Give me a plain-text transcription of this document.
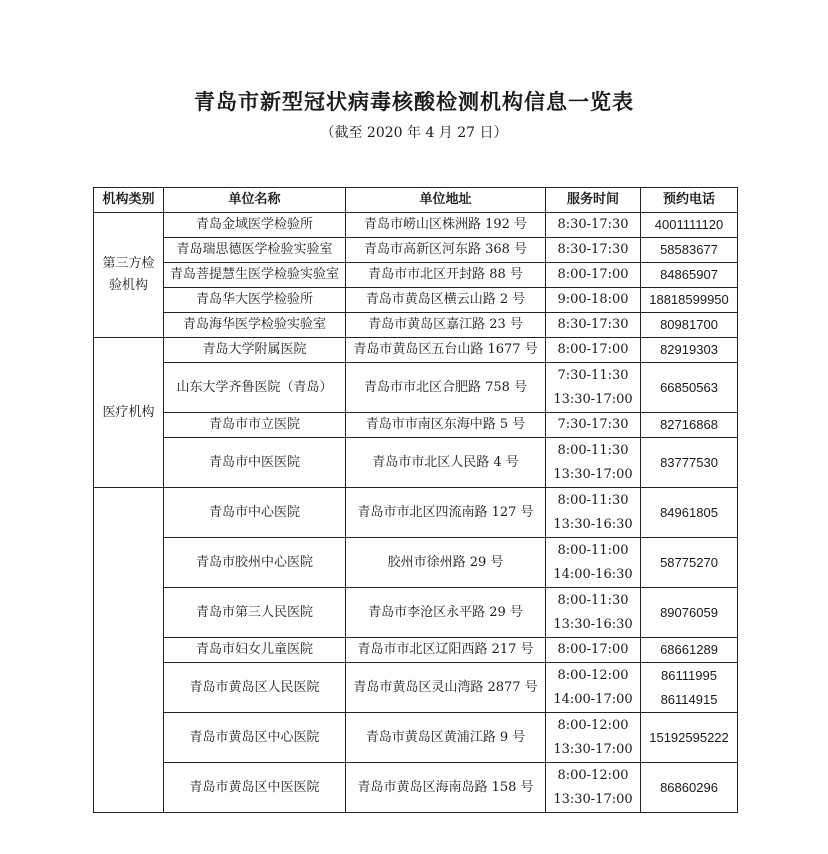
青岛市新型冠状病毒核酸检测机构信息一览表
（截至 2020 年 4 月 27 日）
机构类别	单位名称	单位地址	服务时间	预约电话
第三方检验机构	青岛金域医学检验所	青岛市崂山区株洲路 192 号	8:30-17:30	4001111120

	青岛瑞思德医学检验实验室	青岛市高新区河东路 368 号	8:30-17:30	58583677

	青岛菩提慧生医学检验实验室	青岛市市北区开封路 88 号	8:00-17:00	84865907

	青岛华大医学检验所	青岛市黄岛区横云山路 2 号	9:00-18:00	18818599950

	青岛海华医学检验实验室	青岛市黄岛区嘉江路 23 号	8:30-17:30	80981700

医疗机构	青岛大学附属医院	青岛市黄岛区五台山路 1677 号	8:00-17:00	82919303

	山东大学齐鲁医院（青岛）	青岛市市北区合肥路 758 号	7:30-11:30
13:30-17:00	66850563

	青岛市市立医院	青岛市市南区东海中路 5 号	7:30-17:30	82716868

	青岛市中医医院	青岛市市北区人民路 4 号	8:00-11:30
13:30-17:00	83777530

	青岛市中心医院	青岛市市北区四流南路 127 号	8:00-11:30
13:30-16:30	84961805

	青岛市胶州中心医院	胶州市徐州路 29 号	8:00-11:00
14:00-16:30	58775270

	青岛市第三人民医院	青岛市李沧区永平路 29 号	8:00-11:30
13:30-16:30	89076059

	青岛市妇女儿童医院	青岛市市北区辽阳西路 217 号	8:00-17:00	68661289

	青岛市黄岛区人民医院	青岛市黄岛区灵山湾路 2877 号	8:00-12:00
14:00-17:00	86111995
86114915

	青岛市黄岛区中心医院	青岛市黄岛区黄浦江路 9 号	8:00-12:00
13:30-17:00	15192595222

	青岛市黄岛区中医医院	青岛市黄岛区海南岛路 158 号	8:00-12:00
13:30-17:00	86860296
